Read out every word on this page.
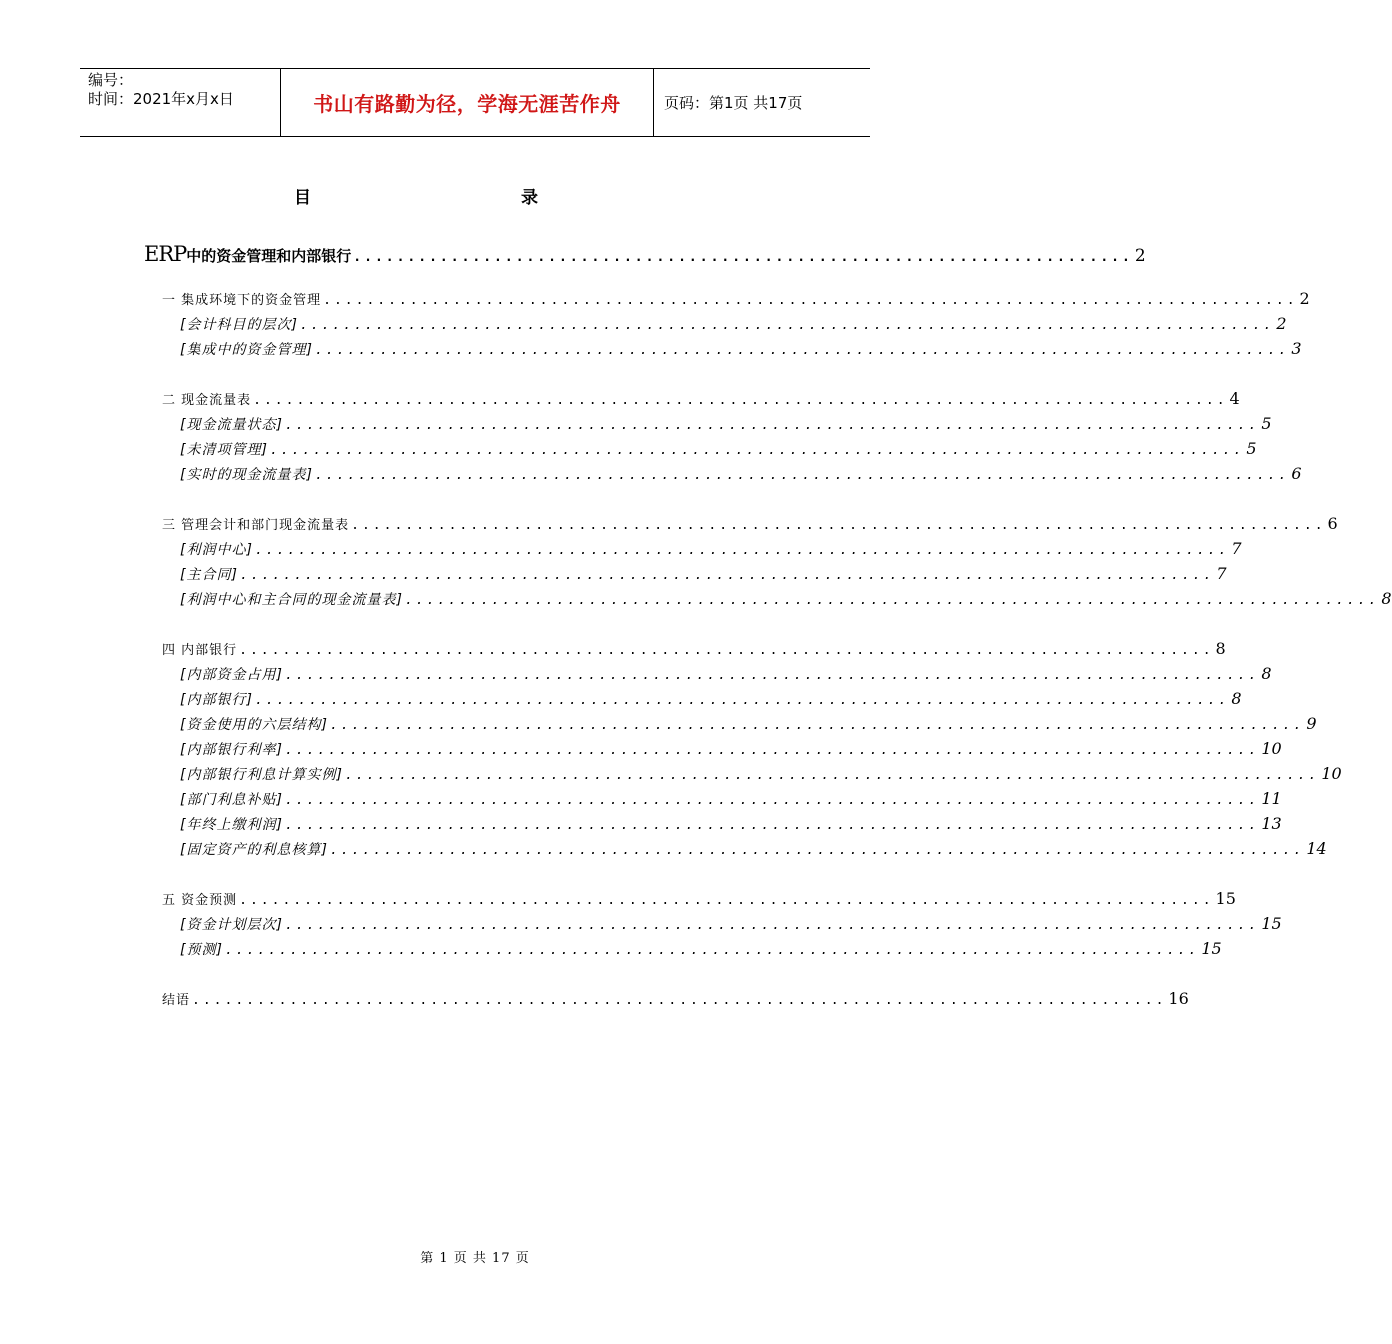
编号：
时间：2021年x月x日	书山有路勤为径，学海无涯苦作舟	页码：第1页 共17页
目	录
ERP中的资金管理和内部银行 ........................................................................ 2
一 集成环境下的资金管理 .......................................................................................... 2
[会计科目的层次] .......................................................................................... 2
[集成中的资金管理] .......................................................................................... 3
二 现金流量表 .......................................................................................... 4
[现金流量状态] .......................................................................................... 5
[未清项管理] .......................................................................................... 5
[实时的现金流量表] .......................................................................................... 6
三 管理会计和部门现金流量表 .......................................................................................... 6
[利润中心] .......................................................................................... 7
[主合同] .......................................................................................... 7
[利润中心和主合同的现金流量表] .......................................................................................... 8
四 内部银行 .......................................................................................... 8
[内部资金占用] .......................................................................................... 8
[内部银行] .......................................................................................... 8
[资金使用的六层结构] .......................................................................................... 9
[内部银行利率] .......................................................................................... 10
[内部银行利息计算实例] .......................................................................................... 10
[部门利息补贴] .......................................................................................... 11
[年终上缴利润] .......................................................................................... 13
[固定资产的利息核算] .......................................................................................... 14
五 资金预测 .......................................................................................... 15
[资金计划层次] .......................................................................................... 15
[预测] .......................................................................................... 15
结语 .......................................................................................... 16
第 1 页 共 17 页
